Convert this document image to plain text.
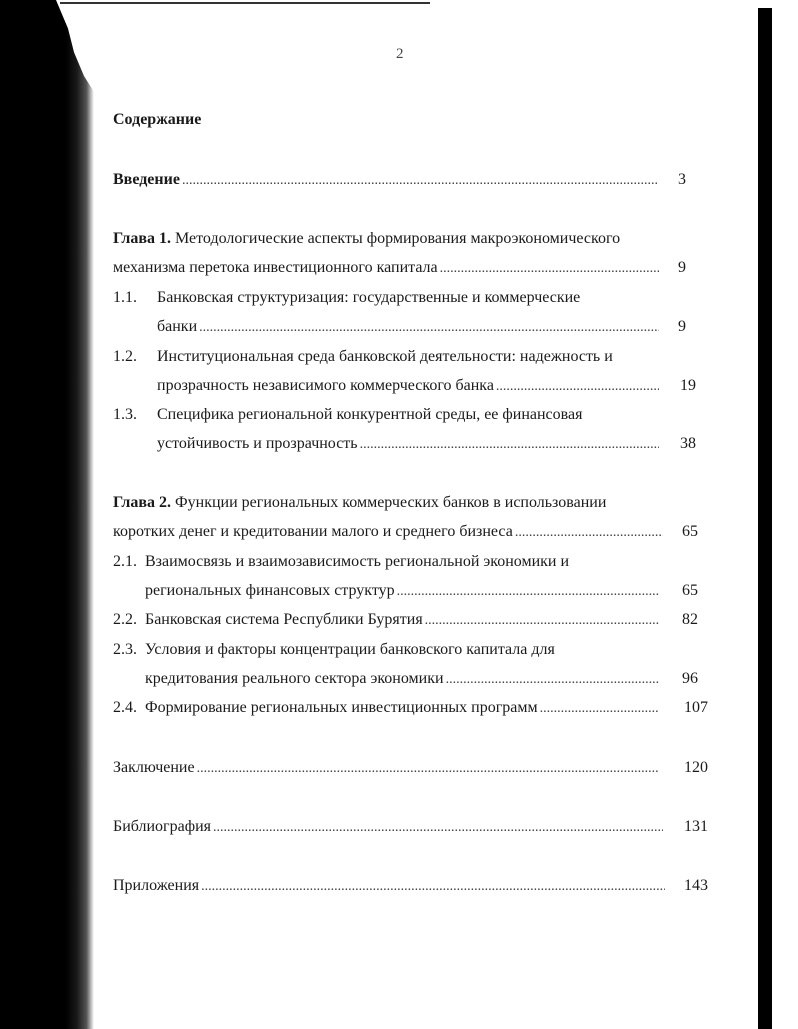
2
Содержание
Введение .....	3
Глава 1. Методологические аспекты формирования макроэкономического
механизма перетока инвестиционного капитала .....	9
1.1. Банковская структуризация: государственные и коммерческие
банки .....	9
1.2. Институциональная среда банковской деятельности: надежность и
прозрачность независимого коммерческого банка .....	19
1.3. Специфика региональной конкурентной среды, ее финансовая
устойчивость и прозрачность .....	38
Глава 2. Функции региональных коммерческих банков в использовании
коротких денег и кредитовании малого и среднего бизнеса .....	65
2.1. Взаимосвязь и взаимозависимость региональной экономики и
региональных финансовых структур .....	65
2.2. Банковская система Республики Бурятия .....	82
2.3. Условия и факторы концентрации банковского капитала для
кредитования реального сектора экономики .....	96
2.4. Формирование региональных инвестиционных программ .....	107
Заключение .....	120
Библиография .....	131
Приложения .....	143
